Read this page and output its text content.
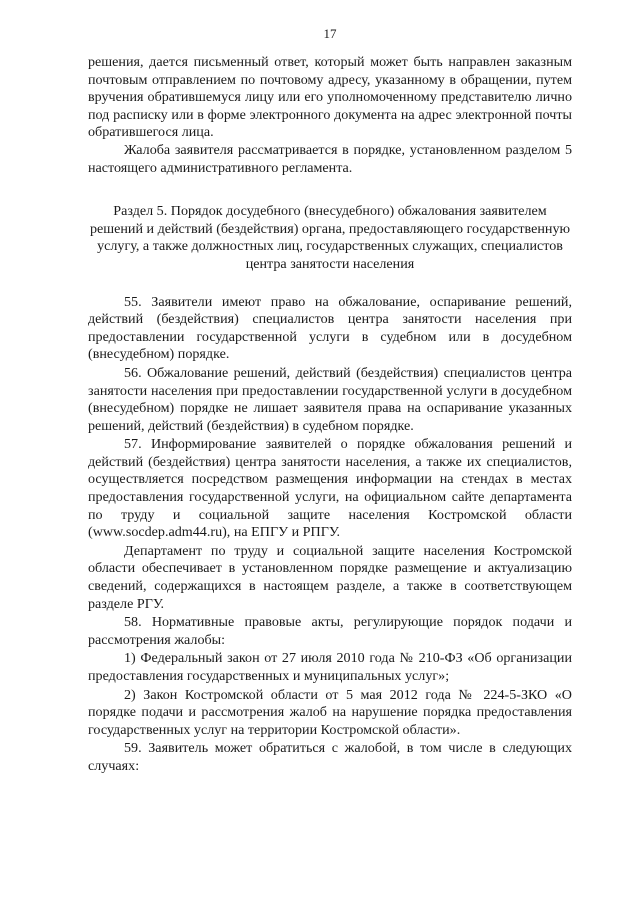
17

решения, дается письменный ответ, который может быть направлен заказным почтовым отправлением по почтовому адресу, указанному в обращении, путем вручения обратившемуся лицу или его уполномоченному представителю лично под расписку или в форме электронного документа на адрес электронной почты обратившегося лица.

Жалоба заявителя рассматривается в порядке, установленном разделом 5 настоящего административного регламента.

Раздел 5. Порядок досудебного (внесудебного) обжалования заявителем решений и действий (бездействия) органа, предоставляющего государственную услугу, а также должностных лиц, государственных служащих, специалистов центра занятости населения

55. Заявители имеют право на обжалование, оспаривание решений, действий (бездействия) специалистов центра занятости населения при предоставлении государственной услуги в судебном или в досудебном (внесудебном) порядке.

56. Обжалование решений, действий (бездействия) специалистов центра занятости населения при предоставлении государственной услуги в досудебном (внесудебном) порядке не лишает заявителя права на оспаривание указанных решений, действий (бездействия) в судебном порядке.

57. Информирование заявителей о порядке обжалования решений и действий (бездействия) центра занятости населения, а также их специалистов, осуществляется посредством размещения информации на стендах в местах предоставления государственной услуги, на официальном сайте департамента по труду и социальной защите населения Костромской области (www.socdep.adm44.ru), на ЕПГУ и РПГУ.

Департамент по труду и социальной защите населения Костромской области обеспечивает в установленном порядке размещение и актуализацию сведений, содержащихся в настоящем разделе, а также в соответствующем разделе РГУ.

58. Нормативные правовые акты, регулирующие порядок подачи и рассмотрения жалобы:

1) Федеральный закон от 27 июля 2010 года № 210-ФЗ «Об организации предоставления государственных и муниципальных услуг»;

2) Закон Костромской области от 5 мая 2012 года № 224-5-ЗКО «О порядке подачи и рассмотрения жалоб на нарушение порядка предоставления государственных услуг на территории Костромской области».

59. Заявитель может обратиться с жалобой, в том числе в следующих случаях:
